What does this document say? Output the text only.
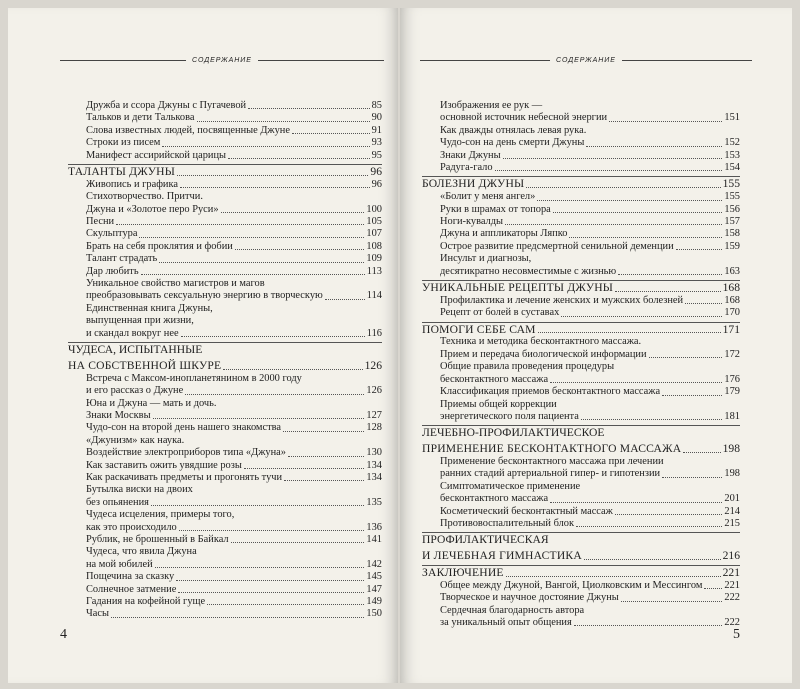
СОДЕРЖАНИЕ
Дружба и ссора Джуны с Пугачевой	85
Тальков и дети Талькова	90
Слова известных людей, посвященные Джуне	91
Строки из писем	93
Манифест ассирийской царицы	95
ТАЛАНТЫ ДЖУНЫ	96
Живопись и графика	96
Стихотворчество. Притчи.
Джуна и «Золотое перо Руси»	100
Песни	105
Скульптура	107
Брать на себя проклятия и фобии	108
Талант страдать	109
Дар любить	113
Уникальное свойство магистров и магов
преобразовывать сексуальную энергию в творческую	114
Единственная книга Джуны,
выпущенная при жизни,
и скандал вокруг нее	116
ЧУДЕСА, ИСПЫТАННЫЕ
НА СОБСТВЕННОЙ ШКУРЕ	126
Встреча с Максом-инопланетянином в 2000 году
и его рассказ о Джуне	126
Юна и Джуна — мать и дочь.
Знаки Москвы	127
Чудо-сон на второй день нашего знакомства	128
«Джунизм» как наука.
Воздействие электроприборов типа «Джуна»	130
Как заставить ожить увядшие розы	134
Как раскачивать предметы и прогонять тучи	134
Бутылка виски на двоих
без опьянения	135
Чудеса исцеления, примеры того,
как это происходило	136
Рублик, не брошенный в Байкал	141
Чудеса, что явила Джуна
на мой юбилей	142
Пощечина за сказку	145
Солнечное затмение	147
Гадания на кофейной гуще	149
Часы	150
4
СОДЕРЖАНИЕ
Изображения ее рук —
основной источник небесной энергии	151
Как дважды отнялась левая рука.
Чудо-сон на день смерти Джуны	152
Знаки Джуны	153
Радуга-гало	154
БОЛЕЗНИ ДЖУНЫ	155
«Болит у меня ангел»	155
Руки в шрамах от топора	156
Ноги-кувалды	157
Джуна и аппликаторы Ляпко	158
Острое развитие предсмертной сенильной деменции	159
Инсульт и диагнозы,
десятикратно несовместимые с жизнью	163
УНИКАЛЬНЫЕ РЕЦЕПТЫ ДЖУНЫ	168
Профилактика и лечение женских и мужских болезней	168
Рецепт от болей в суставах	170
ПОМОГИ СЕБЕ САМ	171
Техника и методика бесконтактного массажа.
Прием и передача биологической информации	172
Общие правила проведения процедуры
бесконтактного массажа	176
Классификация приемов бесконтактного массажа	179
Приемы общей коррекции
энергетического поля пациента	181
ЛЕЧЕБНО-ПРОФИЛАКТИЧЕСКОЕ
ПРИМЕНЕНИЕ БЕСКОНТАКТНОГО МАССАЖА	198
Применение бесконтактного массажа при лечении
ранних стадий артериальной гипер- и гипотензии	198
Симптоматическое применение
бесконтактного массажа	201
Косметический бесконтактный массаж	214
Противовоспалительный блок	215
ПРОФИЛАКТИЧЕСКАЯ
И ЛЕЧЕБНАЯ ГИМНАСТИКА	216
ЗАКЛЮЧЕНИЕ	221
Общее между Джуной, Вангой, Циолковским и Мессингом 221
Творческое и научное достояние Джуны	222
Сердечная благодарность автора
за уникальный опыт общения	222
5
